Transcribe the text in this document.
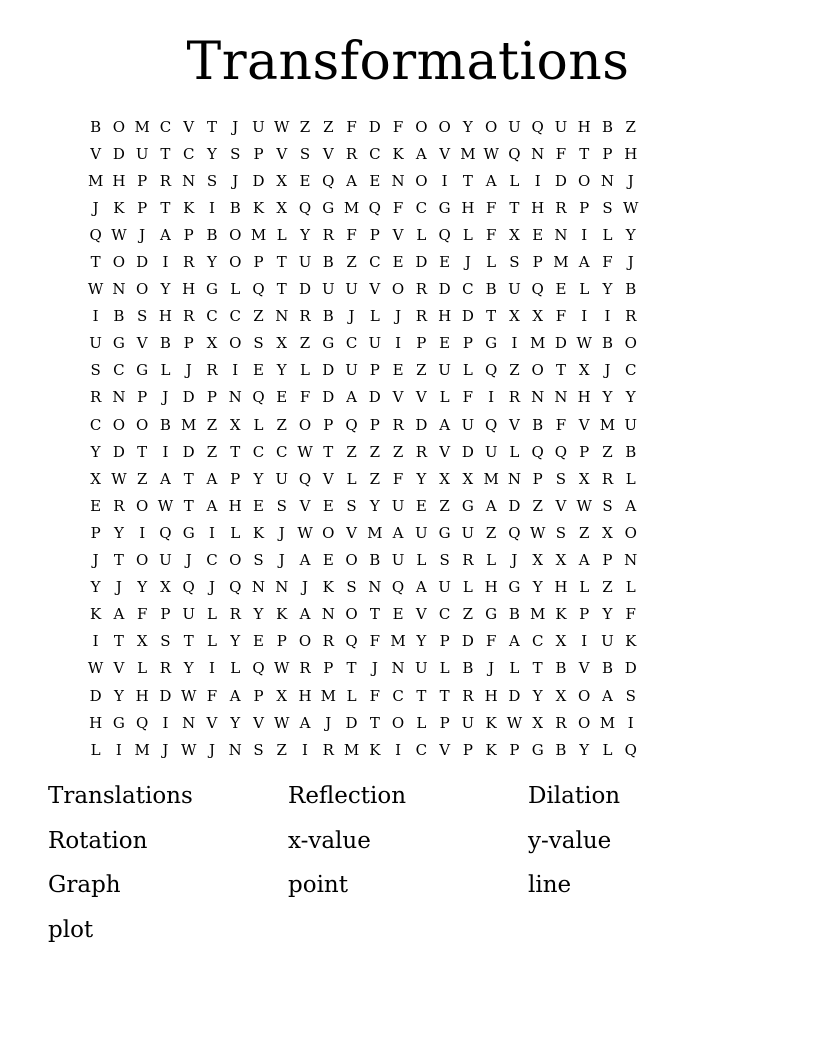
Transformations
B O M C V T	J U W Z Z F D F O O Y O U Q U H B Z
V D U T C Y S P V S V R C K A V M W Q N F T P H
M H P R N S	J D X E Q A E N O I	T A L	I D O N J
J K P T K I B K X Q G M Q F C G H F T H R P S W
Q W J A P B O M L Y R F P V L Q L F X E N I	L Y
T O D I R Y O P T U B Z C E D E J	L S P M A F	J
W N O Y H G L Q T D U U V O R D C B U Q E L Y B
I B S H R C C Z N R B J	L	J R H D T X X F	I	I R
U G V B P X O S X Z G C U I	P E P G I M D W B O
S C G L	J R I E Y L D U P E Z U L Q Z O T X J C
R N P	J D P N Q E F D A D V V L F	I R N N H Y Y
C O O B M Z X L Z O P Q P R D A U Q V B F V M U
Y D T	I D Z T C C W T Z Z Z R V D U L Q Q P Z B
X W Z A T A P Y U Q V L Z F Y X X M N P S X R L
E R O W T A H E S V E S Y U E Z G A D Z V W S A
P Y	I Q G I	L K J W O V M A U G U Z Q W S Z X O
J	T O U J C O S	J A E O B U L S R L	J X X A P N
Y	J	Y X Q J Q N N J K S N Q A U L H G Y H L Z L
K A F P U L R Y K A N O T E V C Z G B M K P Y F
I	T X S T L Y E P O R Q F M Y P D F A C X I U K
W V L R Y	I	L Q W R P T	J N U L B J	L T B V B D
D Y H D W F A P X H M L F C T T R H D Y X O A S
H G Q I N V Y V W A J D T O L P U K W X R O M I
L	I M J W J N S Z	I R M K I C V P K P G B Y L Q
Translations	Reflection	Dilation
Rotation	x-value	y-value
Graph	point	line
plot
